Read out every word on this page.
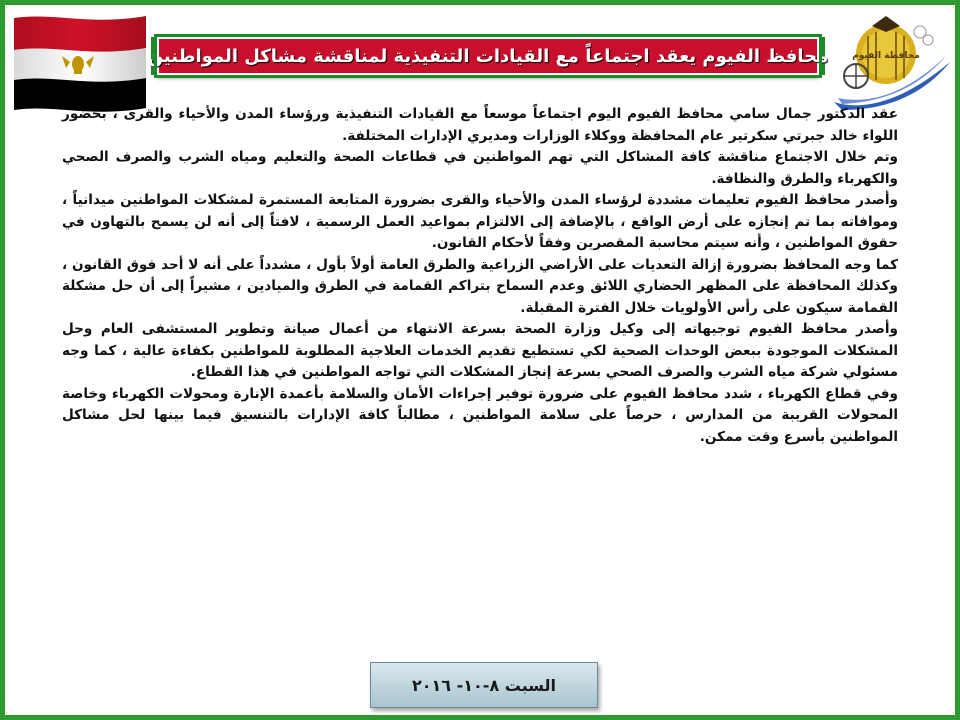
محافظة الفيوم
محافظ الفيوم يعقد اجتماعاً مع القيادات التنفيذية لمناقشة مشاكل المواطنين

عقد الدكتور جمال سامي محافظ الفيوم اليوم اجتماعاً موسعاً مع القيادات التنفيذية ورؤساء المدن والأحياء والقرى ، بحضور اللواء خالد جبرتي سكرتير عام المحافظة ووكلاء الوزارات ومديري الإدارات المختلفة.

وتم خلال الاجتماع مناقشة كافة المشاكل التي تهم المواطنين في قطاعات الصحة والتعليم ومياه الشرب والصرف الصحي والكهرباء والطرق والنظافة.

وأصدر محافظ الفيوم تعليمات مشددة لرؤساء المدن والأحياء والقرى بضرورة المتابعة المستمرة لمشكلات المواطنين ميدانياً ، وموافاته بما تم إنجازه على أرض الواقع ، بالإضافة إلى الالتزام بمواعيد العمل الرسمية ، لافتاً إلى أنه لن يسمح بالتهاون في حقوق المواطنين ، وأنه سيتم محاسبة المقصرين وفقاً لأحكام القانون.

كما وجه المحافظ بضرورة إزالة التعديات على الأراضي الزراعية والطرق العامة أولاً بأول ، مشدداً على أنه لا أحد فوق القانون ، وكذلك المحافظة على المظهر الحضاري اللائق وعدم السماح بتراكم القمامة في الطرق والميادين ، مشيراً إلى أن حل مشكلة القمامة سيكون على رأس الأولويات خلال الفترة المقبلة.

وأصدر محافظ الفيوم توجيهاته إلى وكيل وزارة الصحة بسرعة الانتهاء من أعمال صيانة وتطوير المستشفى العام وحل المشكلات الموجودة ببعض الوحدات الصحية لكي تستطيع تقديم الخدمات العلاجية المطلوبة للمواطنين بكفاءة عالية ، كما وجه مسئولي شركة مياه الشرب والصرف الصحي بسرعة إنجاز المشكلات التي تواجه المواطنين في هذا القطاع.

وفي قطاع الكهرباء ، شدد محافظ الفيوم على ضرورة توفير إجراءات الأمان والسلامة بأعمدة الإنارة ومحولات الكهرباء وخاصة المحولات القريبة من المدارس ، حرصاً على سلامة المواطنين ، مطالباً كافة الإدارات بالتنسيق فيما بينها لحل مشاكل المواطنين بأسرع وقت ممكن.

السبت ٨-١٠- ٢٠١٦
